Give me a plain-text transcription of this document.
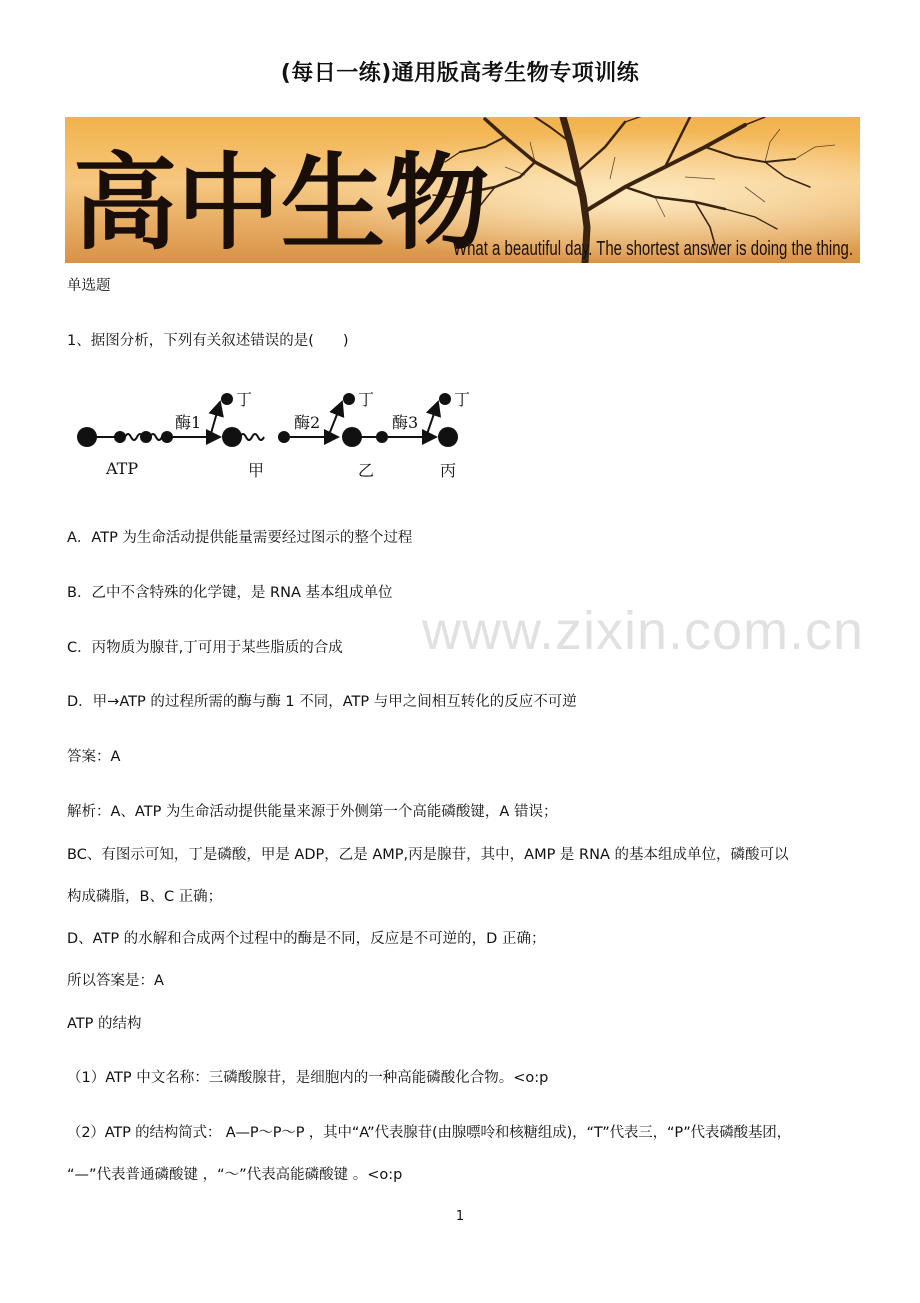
(每日一练)通用版高考生物专项训练
高中生物
What a beautiful day. The shortest answer is doing the thing.
单选题
1、据图分析，下列有关叙述错误的是(　　)
酶1	酶2	酶3
丁	丁	丁
ATP	甲	乙	丙
A．ATP 为生命活动提供能量需要经过图示的整个过程
B．乙中不含特殊的化学键，是 RNA 基本组成单位
C．丙物质为腺苷,丁可用于某些脂质的合成
D．甲→ATP 的过程所需的酶与酶 1 不同，ATP 与甲之间相互转化的反应不可逆
www.zixin.com.cn
答案：A
解析：A、ATP 为生命活动提供能量来源于外侧第一个高能磷酸键，A 错误；
BC、有图示可知，丁是磷酸，甲是 ADP，乙是 AMP,丙是腺苷，其中，AMP 是 RNA 的基本组成单位，磷酸可以
构成磷脂，B、C 正确；
D、ATP 的水解和合成两个过程中的酶是不同，反应是不可逆的，D 正确；
所以答案是：A
ATP 的结构
（1）ATP 中文名称：三磷酸腺苷，是细胞内的一种高能磷酸化合物。<o:p
（2）ATP 的结构简式： A—P～P～P ，其中“A”代表腺苷(由腺嘌呤和核糖组成)，“T”代表三，“P”代表磷酸基团，
“—”代表普通磷酸键 ，“～”代表高能磷酸键 。<o:p
1
